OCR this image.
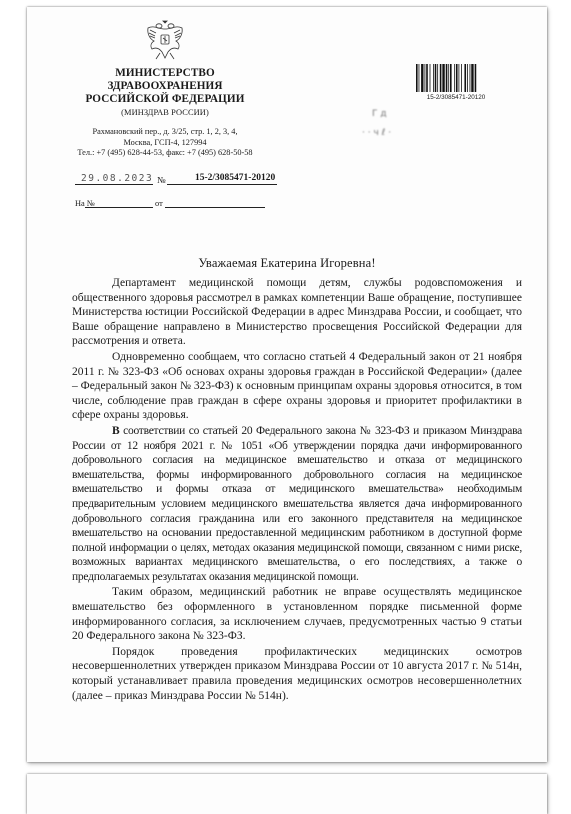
МИНИСТЕРСТВО
ЗДРАВООХРАНЕНИЯ
РОССИЙСКОЙ ФЕДЕРАЦИИ
(МИНЗДРАВ РОССИИ)
Рахмановский пер., д. 3/25, стр. 1, 2, 3, 4,
Москва, ГСП-4, 127994
Тел.: +7 (495) 628-44-53, факс: +7 (495) 628-50-58
29.08.2023 №	15-2/3085471-20120
На №	от
15-2/3085471-20120
Г д
· · ч ℓ ·
Уважаемая Екатерина Игоревна!

Департамент медицинской помощи детям, службы родовспоможения и общественного здоровья рассмотрел в рамках компетенции Ваше обращение, поступившее Министерства юстиции Российской Федерации в адрес Минздрава России, и сообщает, что Ваше обращение направлено в Министерство просвещения Российской Федерации для рассмотрения и ответа.

Одновременно сообщаем, что согласно статьей 4 Федеральный закон от 21 ноября 2011 г. № 323-ФЗ «Об основах охраны здоровья граждан в Российской Федерации» (далее – Федеральный закон № 323-ФЗ) к основным принципам охраны здоровья относится, в том числе, соблюдение прав граждан в сфере охраны здоровья и приоритет профилактики в сфере охраны здоровья.

В соответствии со статьей 20 Федерального закона № 323-ФЗ и приказом Минздрава России от 12 ноября 2021 г. № 1051 «Об утверждении порядка дачи информированного добровольного согласия на медицинское вмешательство и отказа от медицинского вмешательства, формы информированного добровольного согласия на медицинское вмешательство и формы отказа от медицинского вмешательства» необходимым предварительным условием медицинского вмешательства является дача информированного добровольного согласия гражданина или его законного представителя на медицинское вмешательство на основании предоставленной медицинским работником в доступной форме полной информации о целях, методах оказания медицинской помощи, связанном с ними риске, возможных вариантах медицинского вмешательства, о его последствиях, а также о предполагаемых результатах оказания медицинской помощи.

Таким образом, медицинский работник не вправе осуществлять медицинское вмешательство без оформленного в установленном порядке письменной форме информированного согласия, за исключением случаев, предусмотренных частью 9 статьи 20 Федерального закона № 323-ФЗ.

Порядок проведения профилактических медицинских осмотров несовершеннолетних утвержден приказом Минздрава России от 10 августа 2017 г. № 514н, который устанавливает правила проведения медицинских осмотров несовершеннолетних (далее – приказ Минздрава России № 514н).
